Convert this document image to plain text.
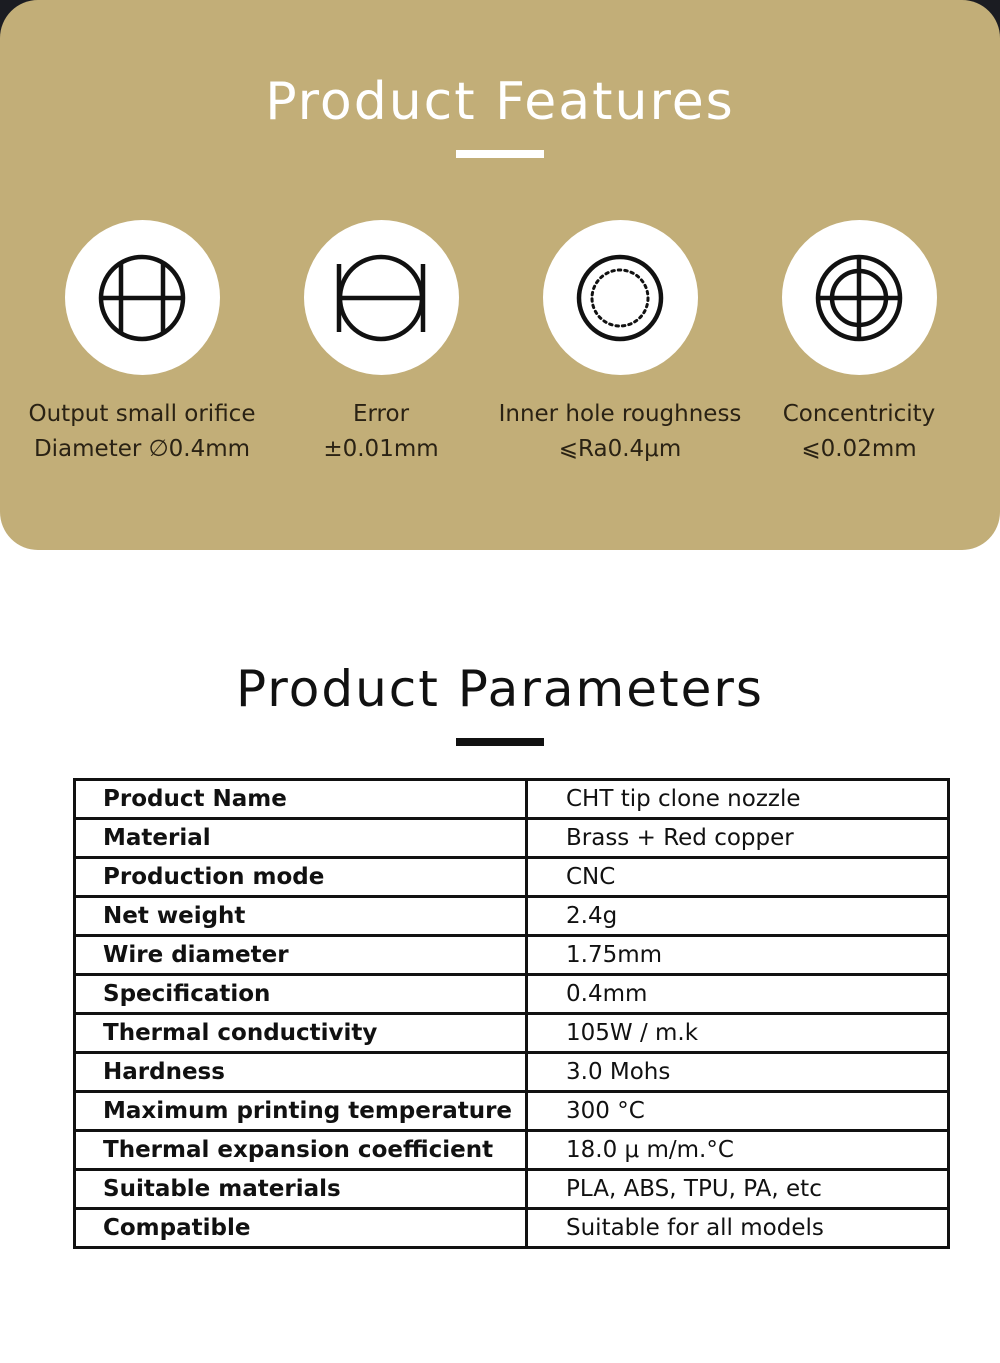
Product Features
Output small orifice
Diameter ∅0.4mm
Error
±0.01mm
Inner hole roughness
⩽Ra0.4μm
Concentricity
⩽0.02mm
Product Parameters
Product Name	CHT tip clone nozzle
Material	Brass + Red copper
Production mode	CNC
Net weight	2.4g
Wire diameter	1.75mm
Specification	0.4mm
Thermal conductivity	105W / m.k
Hardness	3.0 Mohs
Maximum printing temperature	300 °C
Thermal expansion coefficient	18.0 μ m/m.°C
Suitable materials	PLA, ABS, TPU, PA, etc
Compatible	Suitable for all models
